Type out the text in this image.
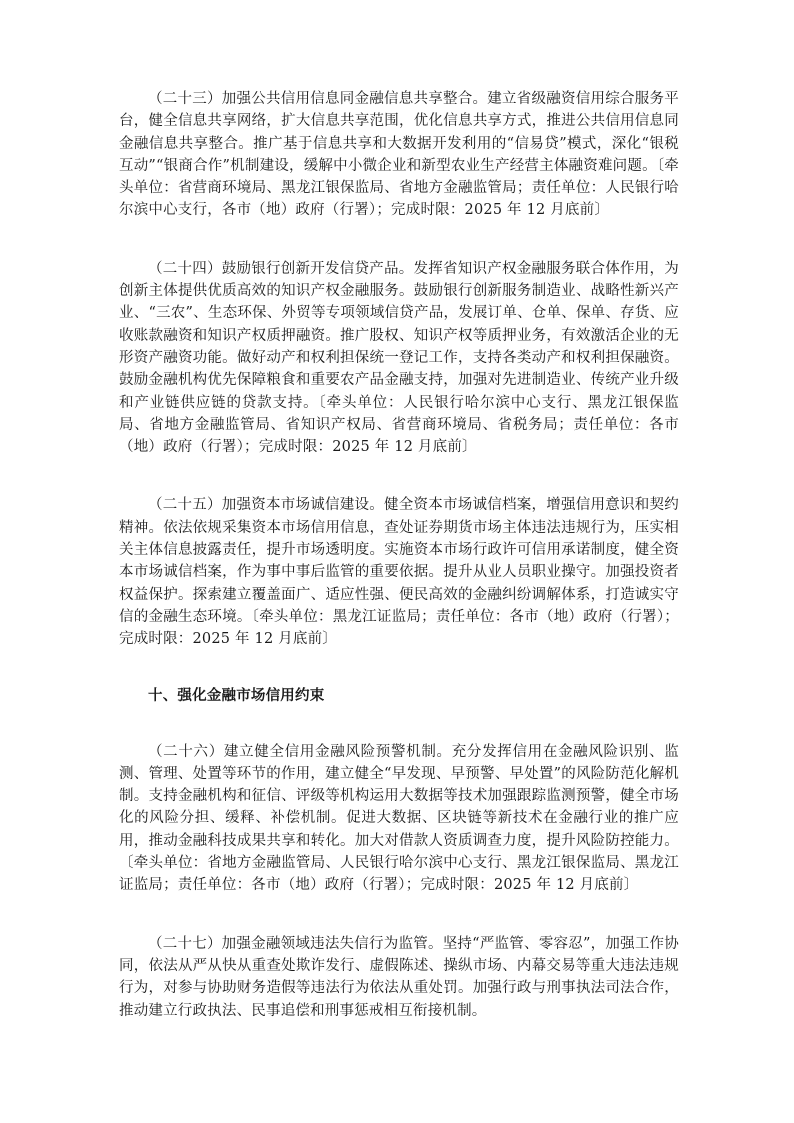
（二十三）加强公共信用信息同金融信息共享整合。建立省级融资信用综合服务平台，健全信息共享网络，扩大信息共享范围，优化信息共享方式，推进公共信用信息同金融信息共享整合。推广基于信息共享和大数据开发利用的“信易贷”模式，深化“银税互动”“银商合作”机制建设，缓解中小微企业和新型农业生产经营主体融资难问题。〔牵头单位：省营商环境局、黑龙江银保监局、省地方金融监管局；责任单位：人民银行哈尔滨中心支行，各市（地）政府（行署）；完成时限：2025 年 12 月底前〕

（二十四）鼓励银行创新开发信贷产品。发挥省知识产权金融服务联合体作用，为创新主体提供优质高效的知识产权金融服务。鼓励银行创新服务制造业、战略性新兴产业、“三农”、生态环保、外贸等专项领域信贷产品，发展订单、仓单、保单、存货、应收账款融资和知识产权质押融资。推广股权、知识产权等质押业务，有效激活企业的无形资产融资功能。做好动产和权利担保统一登记工作，支持各类动产和权利担保融资。鼓励金融机构优先保障粮食和重要农产品金融支持，加强对先进制造业、传统产业升级和产业链供应链的贷款支持。〔牵头单位：人民银行哈尔滨中心支行、黑龙江银保监局、省地方金融监管局、省知识产权局、省营商环境局、省税务局；责任单位：各市（地）政府（行署）；完成时限：2025 年 12 月底前〕

（二十五）加强资本市场诚信建设。健全资本市场诚信档案，增强信用意识和契约精神。依法依规采集资本市场信用信息，查处证券期货市场主体违法违规行为，压实相关主体信息披露责任，提升市场透明度。实施资本市场行政许可信用承诺制度，健全资本市场诚信档案，作为事中事后监管的重要依据。提升从业人员职业操守。加强投资者权益保护。探索建立覆盖面广、适应性强、便民高效的金融纠纷调解体系，打造诚实守信的金融生态环境。〔牵头单位：黑龙江证监局；责任单位：各市（地）政府（行署）；完成时限：2025 年 12 月底前〕

十、强化金融市场信用约束

（二十六）建立健全信用金融风险预警机制。充分发挥信用在金融风险识别、监测、管理、处置等环节的作用，建立健全“早发现、早预警、早处置”的风险防范化解机制。支持金融机构和征信、评级等机构运用大数据等技术加强跟踪监测预警，健全市场化的风险分担、缓释、补偿机制。促进大数据、区块链等新技术在金融行业的推广应用，推动金融科技成果共享和转化。加大对借款人资质调查力度，提升风险防控能力。〔牵头单位：省地方金融监管局、人民银行哈尔滨中心支行、黑龙江银保监局、黑龙江证监局；责任单位：各市（地）政府（行署）；完成时限：2025 年 12 月底前〕

（二十七）加强金融领域违法失信行为监管。坚持“严监管、零容忍”，加强工作协同，依法从严从快从重查处欺诈发行、虚假陈述、操纵市场、内幕交易等重大违法违规行为，对参与协助财务造假等违法行为依法从重处罚。加强行政与刑事执法司法合作，推动建立行政执法、民事追偿和刑事惩戒相互衔接机制。
